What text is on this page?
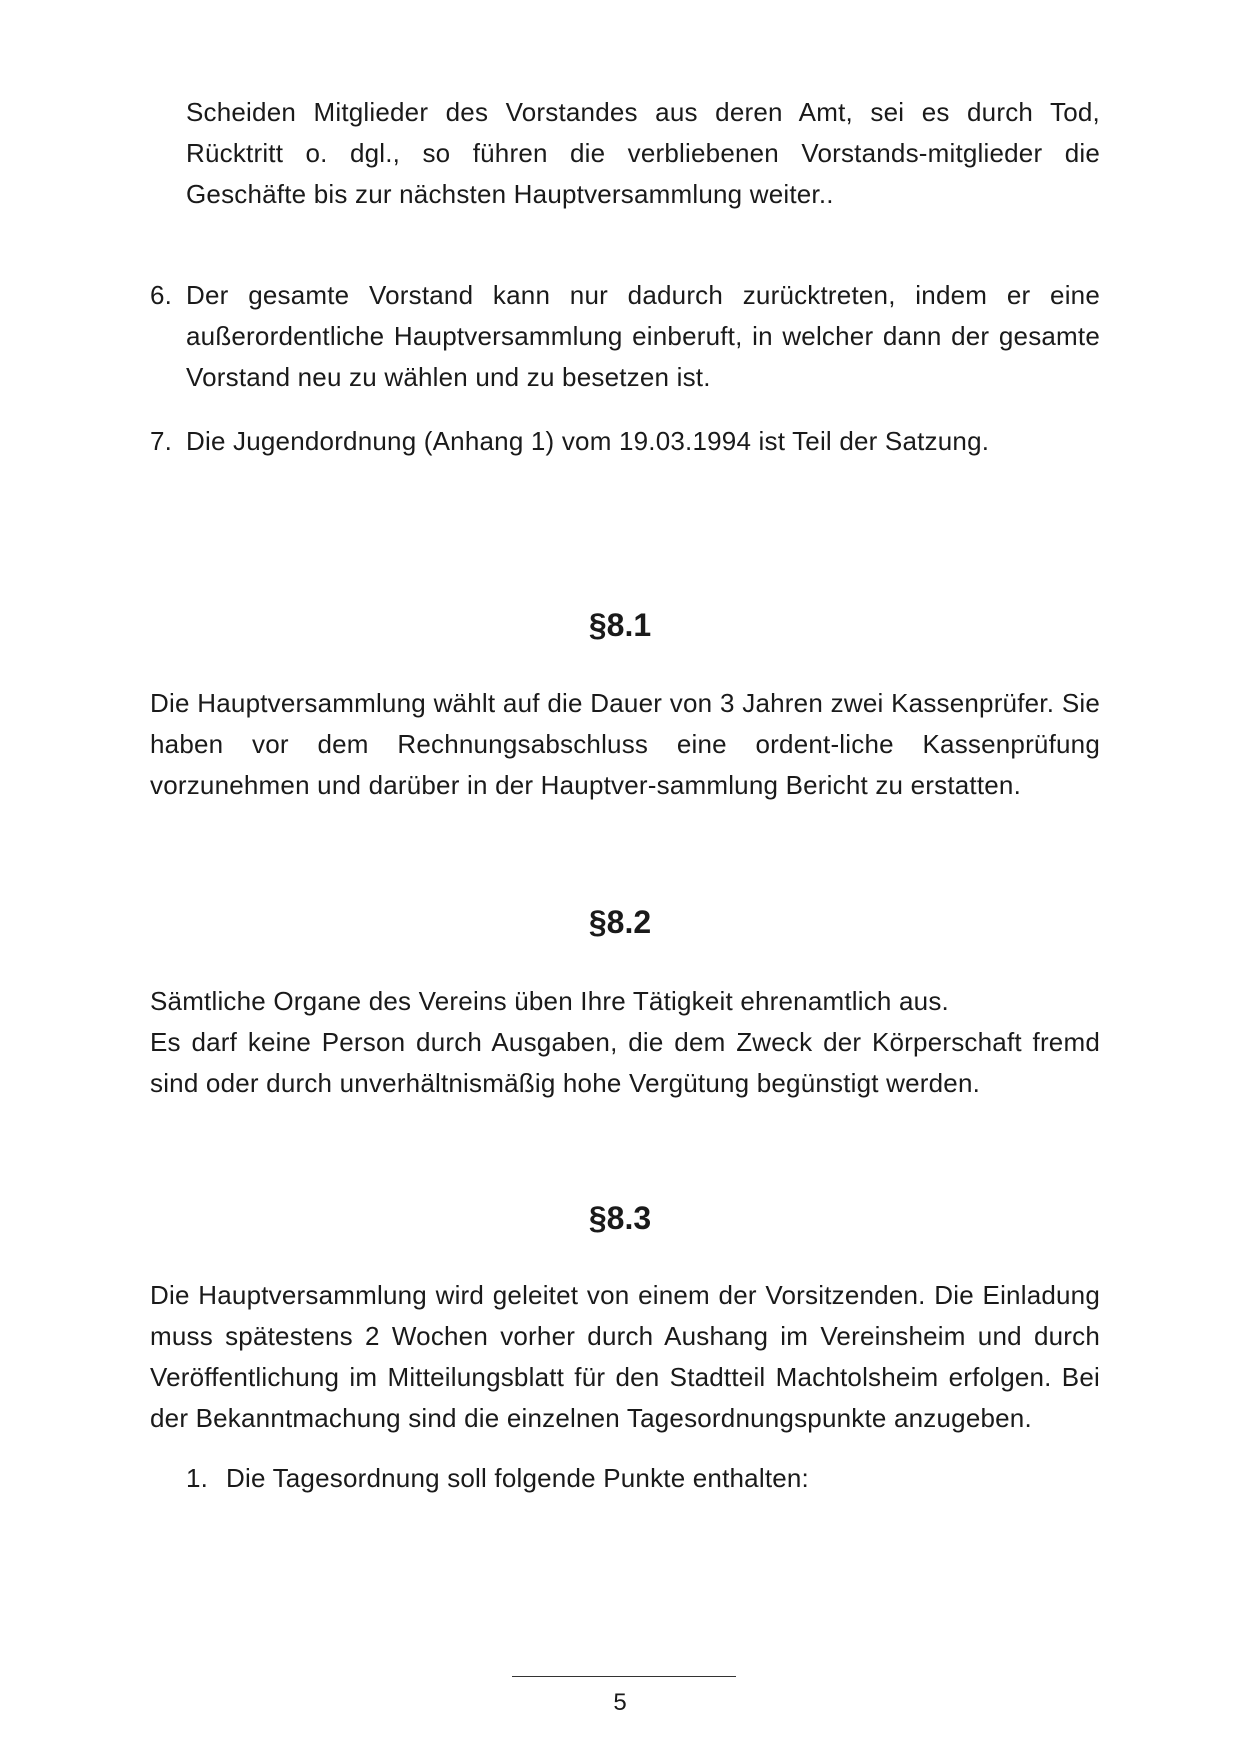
Scheiden Mitglieder des Vorstandes aus deren Amt, sei es durch Tod, Rücktritt o. dgl., so führen die verbliebenen Vorstands-mitglieder die Geschäfte bis zur nächsten Hauptversammlung weiter..
6. Der gesamte Vorstand kann nur dadurch zurücktreten, indem er eine außerordentliche Hauptversammlung einberuft, in welcher dann der gesamte Vorstand neu zu wählen und zu besetzen ist.
7. Die Jugendordnung (Anhang 1) vom 19.03.1994 ist Teil der Satzung.
§8.1
Die Hauptversammlung wählt auf die Dauer von 3 Jahren zwei Kassenprüfer. Sie haben vor dem Rechnungsabschluss eine ordent-liche Kassenprüfung vorzunehmen und darüber in der Hauptver-sammlung Bericht zu erstatten.
§8.2
Sämtliche Organe des Vereins üben Ihre Tätigkeit ehrenamtlich aus.
Es darf keine Person durch Ausgaben, die dem Zweck der Körperschaft fremd sind oder durch unverhältnismäßig hohe Vergütung begünstigt werden.
§8.3
Die Hauptversammlung wird geleitet von einem der Vorsitzenden. Die Einladung muss spätestens 2 Wochen vorher durch Aushang im Vereinsheim und durch Veröffentlichung im Mitteilungsblatt für den Stadtteil Machtolsheim erfolgen. Bei der Bekanntmachung sind die einzelnen Tagesordnungspunkte anzugeben.
1. Die Tagesordnung soll folgende Punkte enthalten:
5
